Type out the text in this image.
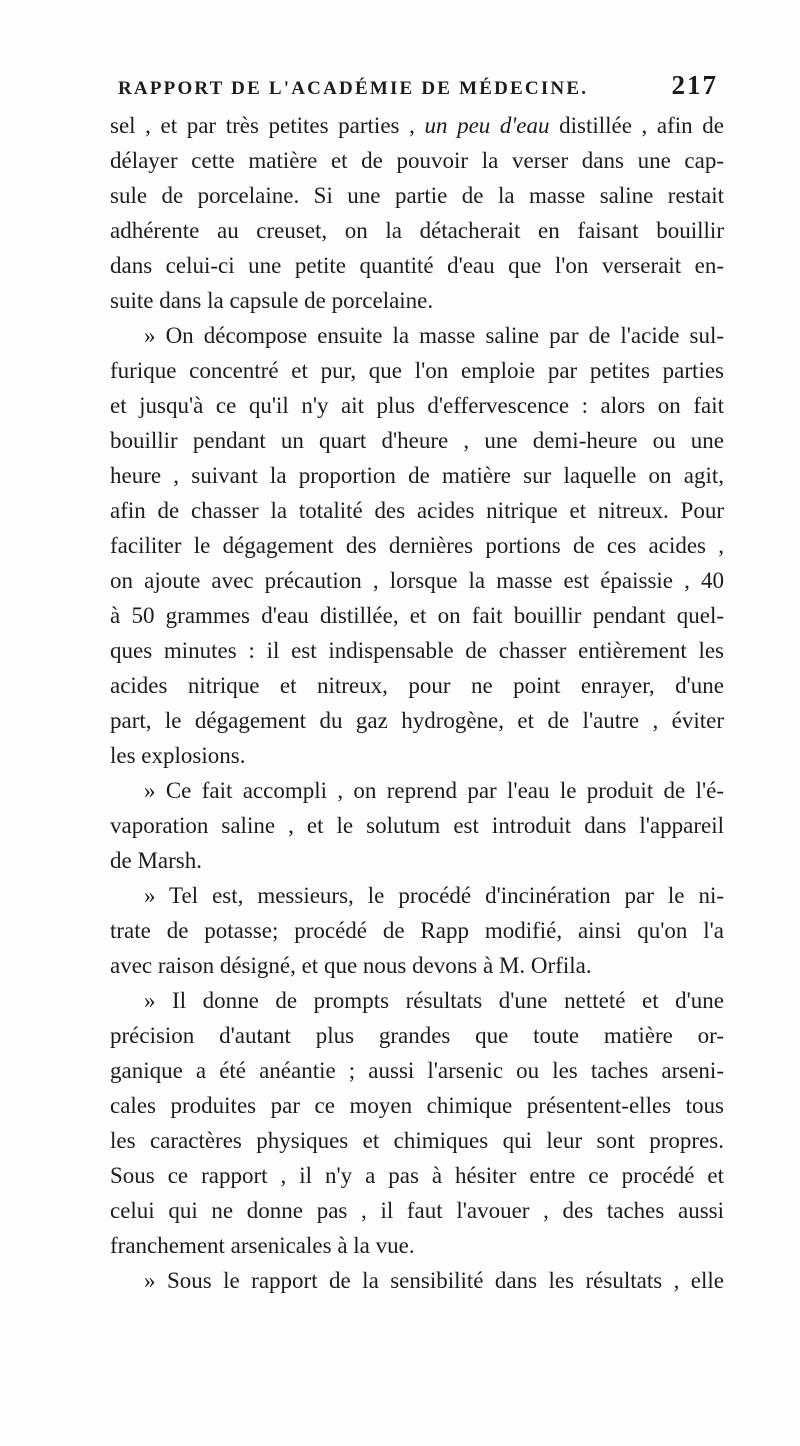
RAPPORT DE L'ACADÉMIE DE MÉDECINE.	217
sel , et par très petites parties , un peu d'eau distillée , afin de
délayer cette matière et de pouvoir la verser dans une cap-
sule de porcelaine. Si une partie de la masse saline restait
adhérente au creuset, on la détacherait en faisant bouillir
dans celui-ci une petite quantité d'eau que l'on verserait en-
suite dans la capsule de porcelaine.
» On décompose ensuite la masse saline par de l'acide sul-
furique concentré et pur, que l'on emploie par petites parties
et jusqu'à ce qu'il n'y ait plus d'effervescence : alors on fait
bouillir pendant un quart d'heure , une demi-heure ou une
heure , suivant la proportion de matière sur laquelle on agit,
afin de chasser la totalité des acides nitrique et nitreux. Pour
faciliter le dégagement des dernières portions de ces acides ,
on ajoute avec précaution , lorsque la masse est épaissie , 40
à 50 grammes d'eau distillée, et on fait bouillir pendant quel-
ques minutes : il est indispensable de chasser entièrement les
acides nitrique et nitreux, pour ne point enrayer, d'une
part, le dégagement du gaz hydrogène, et de l'autre , éviter
les explosions.
» Ce fait accompli , on reprend par l'eau le produit de l'é-
vaporation saline , et le solutum est introduit dans l'appareil
de Marsh.
» Tel est, messieurs, le procédé d'incinération par le ni-
trate de potasse; procédé de Rapp modifié, ainsi qu'on l'a
avec raison désigné, et que nous devons à M. Orfila.
» Il donne de prompts résultats d'une netteté et d'une
précision d'autant plus grandes que toute matière or-
ganique a été anéantie ; aussi l'arsenic ou les taches arseni-
cales produites par ce moyen chimique présentent-elles tous
les caractères physiques et chimiques qui leur sont propres.
Sous ce rapport , il n'y a pas à hésiter entre ce procédé et
celui qui ne donne pas , il faut l'avouer , des taches aussi
franchement arsenicales à la vue.
» Sous le rapport de la sensibilité dans les résultats , elle
